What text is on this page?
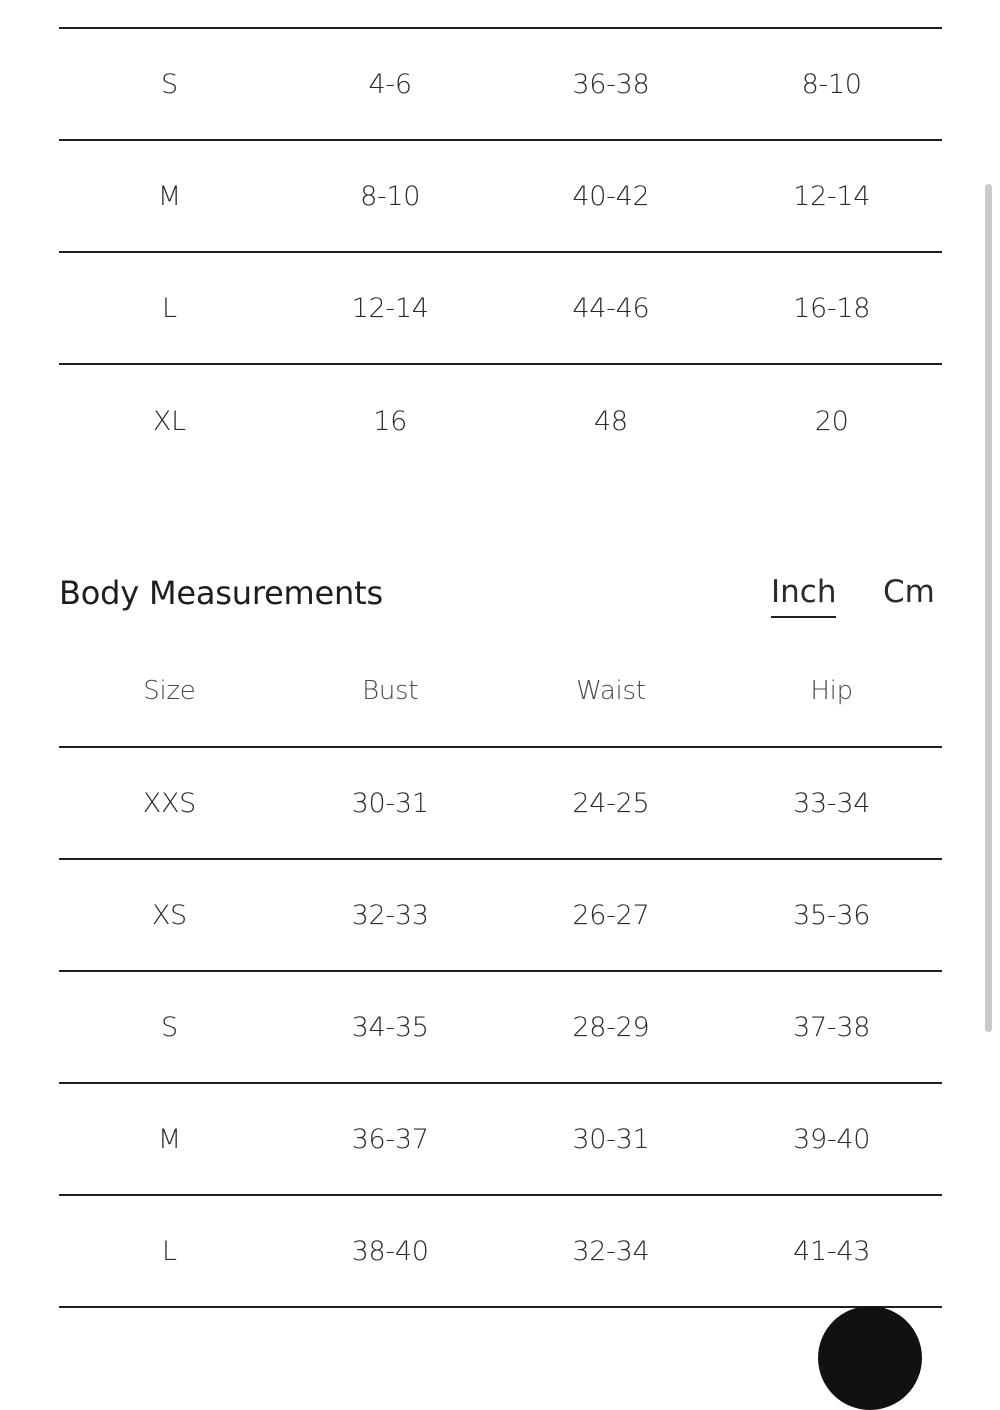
S	4-6	36-38	8-10
M	8-10	40-42	12-14
L	12-14	44-46	16-18
XL	16	48	20
Body Measurements	Inch Cm
Size	Bust	Waist	Hip
XXS	30-31	24-25	33-34
XS	32-33	26-27	35-36
S	34-35	28-29	37-38
M	36-37	30-31	39-40
L	38-40	32-34	41-43
